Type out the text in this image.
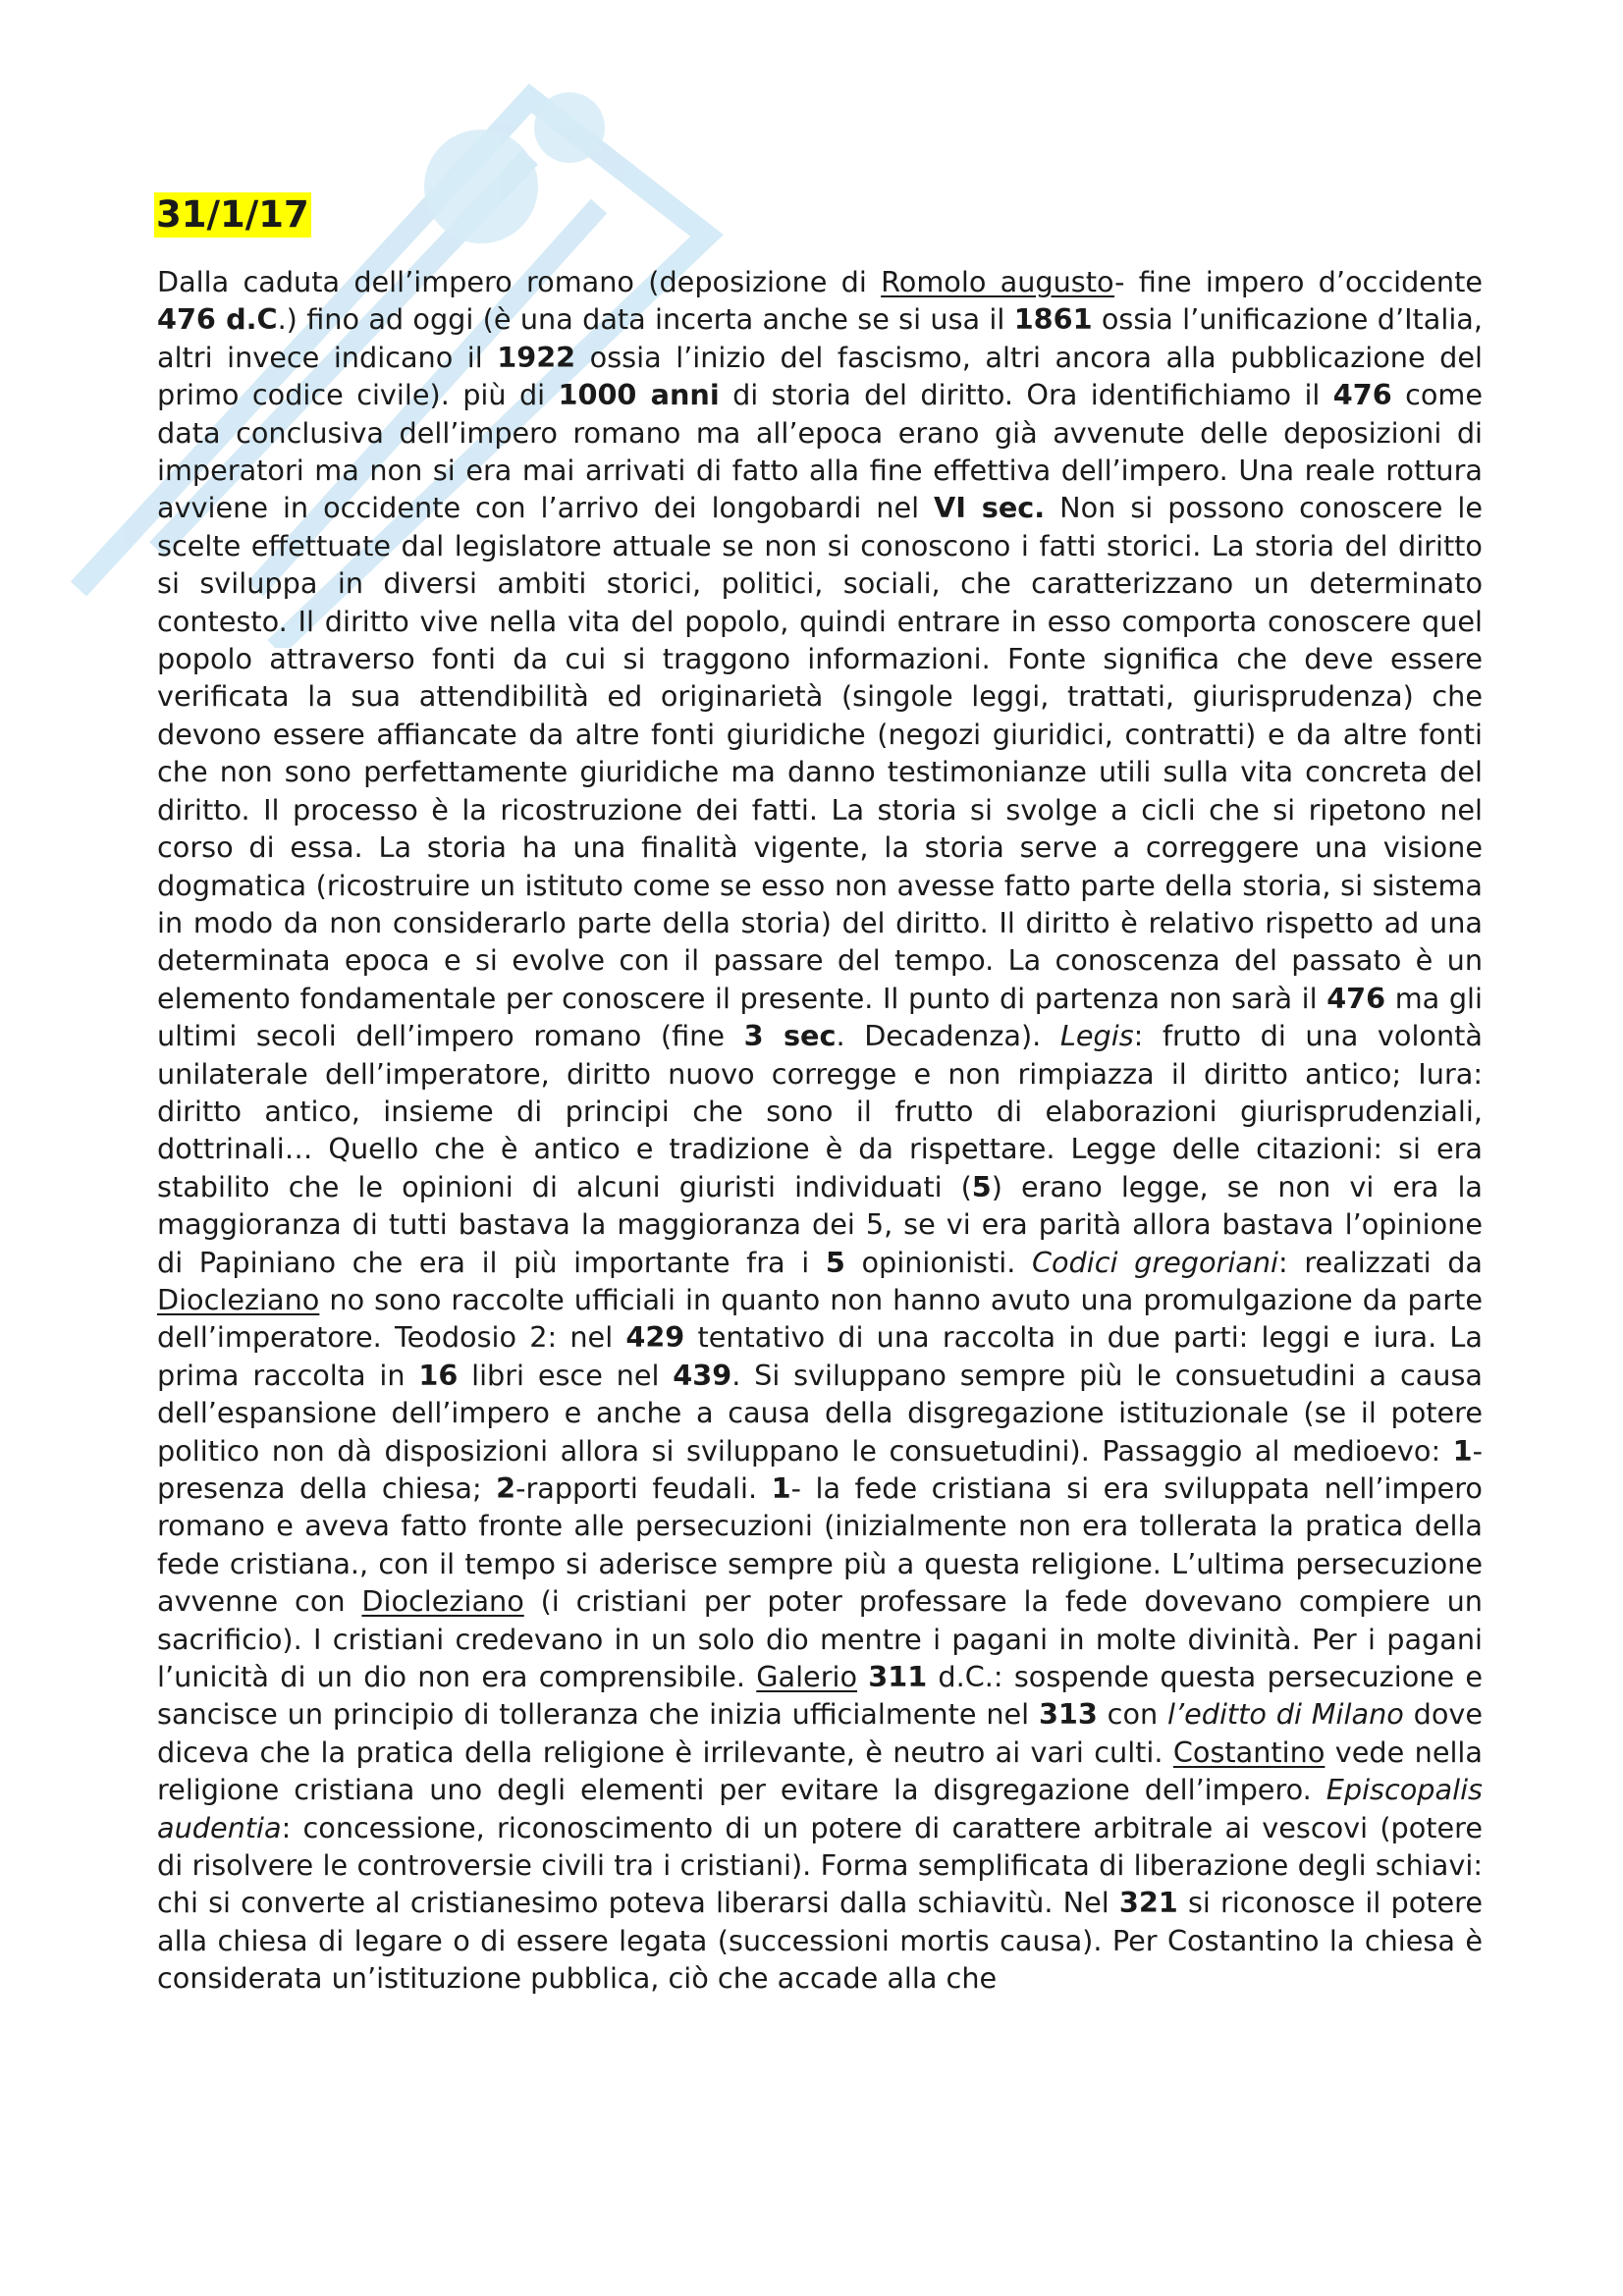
31/1/17

Dalla caduta dell’impero romano (deposizione di Romolo augusto- fine impero d’occidente 476 d.C.) fino ad oggi (è una data incerta anche se si usa il 1861 ossia l’unificazione d’Italia, altri invece indicano il 1922 ossia l’inizio del fascismo, altri ancora alla pubblicazione del primo codice civile). più di 1000 anni di storia del diritto. Ora identifichiamo il 476 come data conclusiva dell’impero romano ma all’epoca erano già avvenute delle deposizioni di imperatori ma non si era mai arrivati di fatto alla fine effettiva dell’impero. Una reale rottura avviene in occidente con l’arrivo dei longobardi nel VI sec. Non si possono conoscere le scelte effettuate dal legislatore attuale se non si conoscono i fatti storici. La storia del diritto si sviluppa in diversi ambiti storici, politici, sociali, che caratterizzano un determinato contesto. Il diritto vive nella vita del popolo, quindi entrare in esso comporta conoscere quel popolo attraverso fonti da cui si traggono informazioni. Fonte significa che deve essere verificata la sua attendibilità ed originarietà (singole leggi, trattati, giurisprudenza) che devono essere affiancate da altre fonti giuridiche (negozi giuridici, contratti) e da altre fonti che non sono perfettamente giuridiche ma danno testimonianze utili sulla vita concreta del diritto. Il processo è la ricostruzione dei fatti. La storia si svolge a cicli che si ripetono nel corso di essa. La storia ha una finalità vigente, la storia serve a correggere una visione dogmatica (ricostruire un istituto come se esso non avesse fatto parte della storia, si sistema in modo da non considerarlo parte della storia) del diritto. Il diritto è relativo rispetto ad una determinata epoca e si evolve con il passare del tempo. La conoscenza del passato è un elemento fondamentale per conoscere il presente. Il punto di partenza non sarà il 476 ma gli ultimi secoli dell’impero romano (fine 3 sec. Decadenza). Legis: frutto di una volontà unilaterale dell’imperatore, diritto nuovo corregge e non rimpiazza il diritto antico; Iura: diritto antico, insieme di principi che sono il frutto di elaborazioni giurisprudenziali, dottrinali… Quello che è antico e tradizione è da rispettare. Legge delle citazioni: si era stabilito che le opinioni di alcuni giuristi individuati (5) erano legge, se non vi era la maggioranza di tutti bastava la maggioranza dei 5, se vi era parità allora bastava l’opinione di Papiniano che era il più importante fra i 5 opinionisti. Codici gregoriani: realizzati da Diocleziano no sono raccolte ufficiali in quanto non hanno avuto una promulgazione da parte dell’imperatore. Teodosio 2: nel 429 tentativo di una raccolta in due parti: leggi e iura. La prima raccolta in 16 libri esce nel 439. Si sviluppano sempre più le consuetudini a causa dell’espansione dell’impero e anche a causa della disgregazione istituzionale (se il potere politico non dà disposizioni allora si sviluppano le consuetudini). Passaggio al medioevo: 1-presenza della chiesa; 2-rapporti feudali. 1- la fede cristiana si era sviluppata nell’impero romano e aveva fatto fronte alle persecuzioni (inizialmente non era tollerata la pratica della fede cristiana., con il tempo si aderisce sempre più a questa religione. L’ultima persecuzione avvenne con Diocleziano (i cristiani per poter professare la fede dovevano compiere un sacrificio). I cristiani credevano in un solo dio mentre i pagani in molte divinità. Per i pagani l’unicità di un dio non era comprensibile. Galerio 311 d.C.: sospende questa persecuzione e sancisce un principio di tolleranza che inizia ufficialmente nel 313 con l’editto di Milano dove diceva che la pratica della religione è irrilevante, è neutro ai vari culti. Costantino vede nella religione cristiana uno degli elementi per evitare la disgregazione dell’impero. Episcopalis audentia: concessione, riconoscimento di un potere di carattere arbitrale ai vescovi (potere di risolvere le controversie civili tra i cristiani). Forma semplificata di liberazione degli schiavi: chi si converte al cristianesimo poteva liberarsi dalla schiavitù. Nel 321 si riconosce il potere alla chiesa di legare o di essere legata (successioni mortis causa). Per Costantino la chiesa è considerata un’istituzione pubblica, ciò che accade alla che
